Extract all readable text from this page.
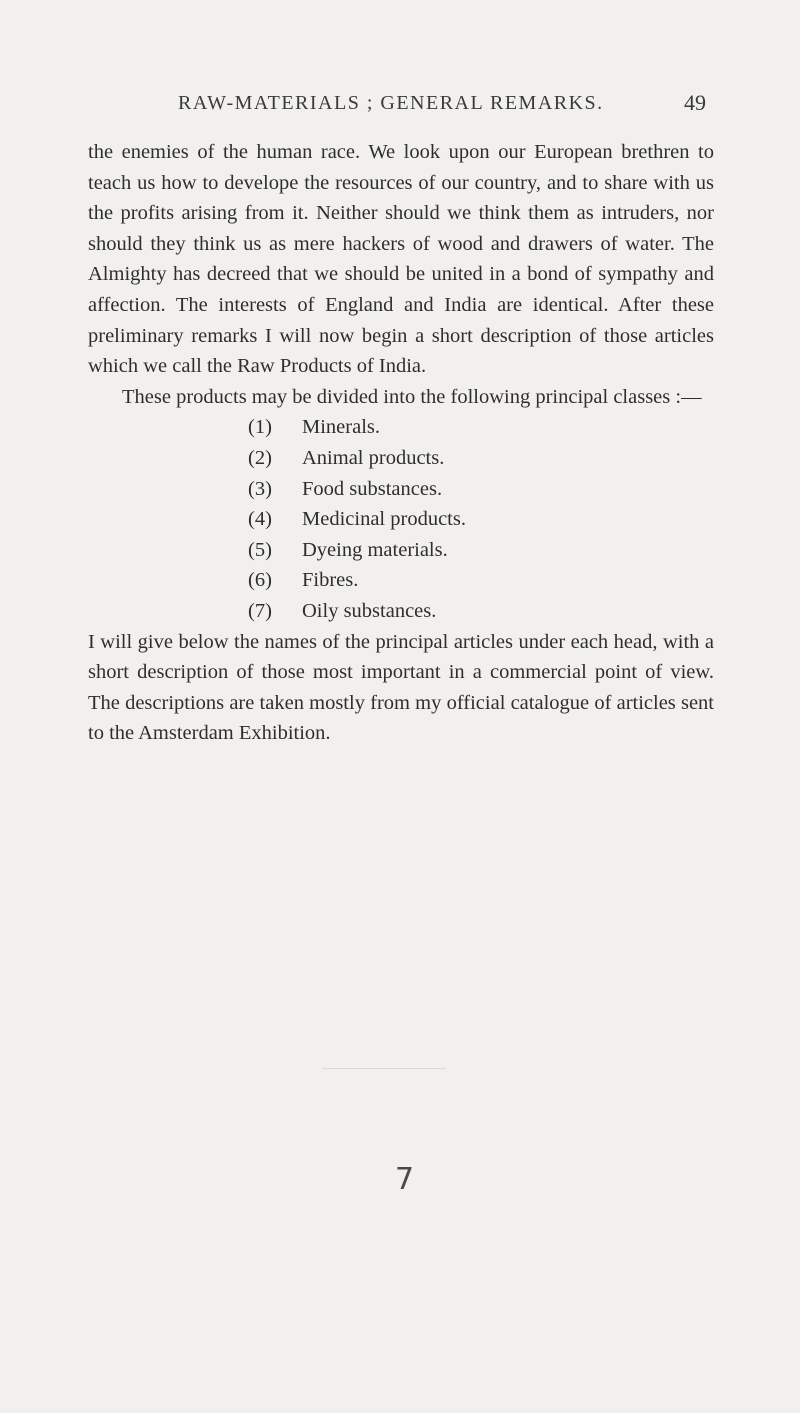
RAW-MATERIALS ; GENERAL REMARKS.	49

the enemies of the human race. We look upon our European brethren to teach us how to develope the resources of our country, and to share with us the profits arising from it. Neither should we think them as intruders, nor should they think us as mere hackers of wood and drawers of water. The Almighty has decreed that we should be united in a bond of sympathy and affection. The interests of England and India are identical. After these preliminary remarks I will now begin a short description of those articles which we call the Raw Products of India.

These products may be divided into the following principal classes :—

(1)	Minerals.
(2)	Animal products.
(3)	Food substances.
(4)	Medicinal products.
(5)	Dyeing materials.
(6)	Fibres.
(7)	Oily substances.

I will give below the names of the principal articles under each head, with a short description of those most important in a commercial point of view. The descriptions are taken mostly from my official catalogue of articles sent to the Amsterdam Exhibition.

7
